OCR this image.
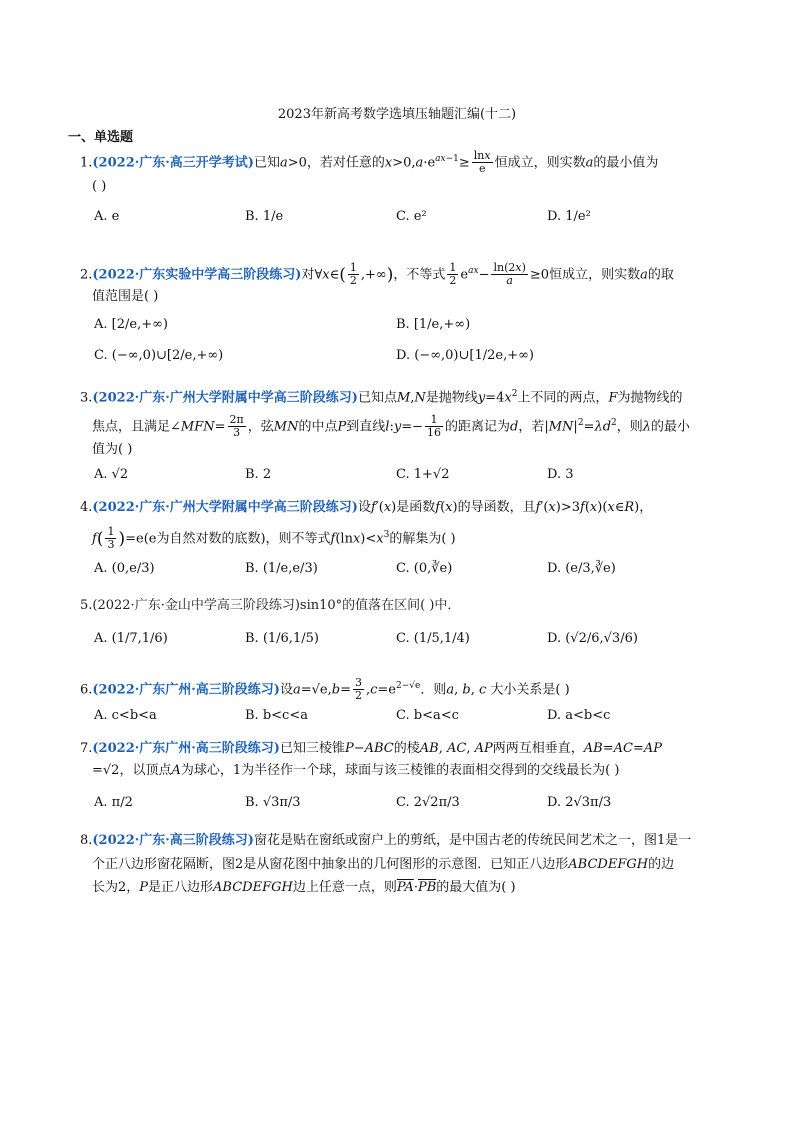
2023年新高考数学选填压轴题汇编(十二)
一、单选题
1.(2022·广东·高三开学考试)已知a>0，若对任意的$x>0,a\cdot e^{ax-1}\ge \frac{\ln x}{e}$ 恒成立，则实数a的最小值为
( )
A. e	B. 1/e	C. e²	D. 1/e²
2.(2022·广东实验中学高三阶段练习)对∀x∈( $\frac{1}{2}$ ,+∞)，不等式 $\frac{1}{2} e^{ax}- \frac{\ln(2x)}{a} \ge 0$恒成立，则实数a的取
值范围是( )
A. [2/e,+∞)	B. [1/e,+∞)
C. (−∞,0)∪[2/e,+∞)	D. (−∞,0)∪[1/2e,+∞)
3.(2022·广东·广州大学附属中学高三阶段练习)已知点M,N是抛物线$y=4x^2$上不同的两点，F为抛物线的
焦点，且满足∠MFN= $\frac{2\pi}{3}$ ，弦MN的中点P到直线l:y=− $\frac{1}{16}$ 的距离记为d，若$|MN|^2=\lambda d^2$，则λ的最小
值为( )
A. √2	B. 2	C. 1+√2	D. 3
4.(2022·广东·广州大学附属中学高三阶段练习)设f′(x)是函数f(x)的导函数，且f′(x)>3f(x)(x∈R)，
$f( \frac{1}{3} )=e(e$为自然对数的底数)，则不等式$f(\ln x)<x^3$的解集为( )
A. (0,e/3)	B. (1/e,e/3)	C. (0,∛e)	D. (e/3,∛e)
5.(2022·广东·金山中学高三阶段练习)sin10°的值落在区间( )中．
A. (1/7,1/6)	B. (1/6,1/5)	C. (1/5,1/4)	D. (√2/6,√3/6)
6.(2022·广东广州·高三阶段练习)设$a=√e,b= \frac{3}{2} ,c=e^{2-√e}$．则a, b, c 大小关系是( )
A. c<b<a	B. b<c<a	C. b<a<c	D. a<b<c
7.(2022·广东广州·高三阶段练习)已知三棱锥P−ABC的棱AB, AC, AP两两互相垂直，AB=AC=AP
=√2，以顶点A为球心，1为半径作一个球，球面与该三棱锥的表面相交得到的交线最长为( )
A. π/2	B. √3π/3	C. 2√2π/3	D. 2√3π/3
8.(2022·广东·高三阶段练习)窗花是贴在窗纸或窗户上的剪纸，是中国古老的传统民间艺术之一，图1是一
个正八边形窗花隔断，图2是从窗花图中抽象出的几何图形的示意图．已知正八边形ABCDEFGH的边
长为2，P是正八边形ABCDEFGH边上任意一点，则$\overline{PA}\cdot\overline{PB}$的最大值为( )
